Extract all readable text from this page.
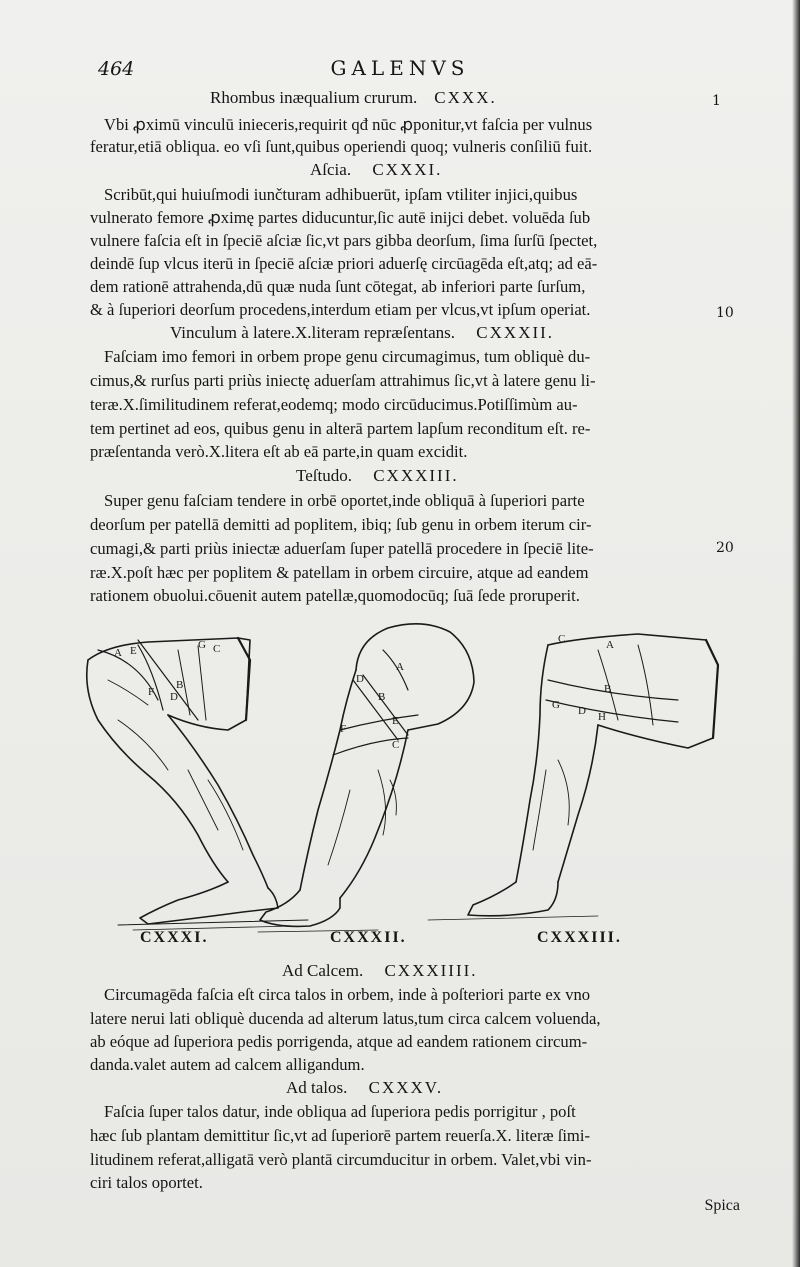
464	GALENVS
1
10
20
Rhombus inæqualium crurum. CXXX.
Vbi ꝓximū vinculū inieceris,requirit qđ nūc ꝓponitur,vt faſcia per vulnus
feratur,etiā obliqua. eo vſi ſunt,quibus operiendi quoq; vulneris conſiliū fuit.
Aſcia. CXXXI.
Scribūt,qui huiuſmodi iunčturam adhibuerūt, ipſam vtiliter injici,quibus
vulnerato femore ꝓximę partes diducuntur,ſic autē inijci debet. voluēda ſub
vulnere faſcia eſt in ſpeciē aſciæ ſic,vt pars gibba deorſum, ſima ſurſū ſpectet,
deindē ſup vlcus iterū in ſpeciē aſciæ priori aduerſę circūagēda eſt,atq; ad eā-
dem rationē attrahenda,dū quæ nuda ſunt cōtegat, ab inferiori parte ſurſum,
& à ſuperiori deorſum procedens,interdum etiam per vlcus,vt ipſum operiat.
Vinculum à latere.X.literam repræſentans. CXXXII.
Faſciam imo femori in orbem prope genu circumagimus, tum obliquè du-
cimus,& rurſus parti priùs iniectę aduerſam attrahimus ſic,vt à latere genu li-
teræ.X.ſimilitudinem referat,eodemq; modo circūducimus.Potiſſimùm au-
tem pertinet ad eos, quibus genu in alterā partem lapſum reconditum eſt. re-
præſentanda verò.X.litera eſt ab eā parte,in quam excidit.
Teſtudo. CXXXIII.
Super genu faſciam tendere in orbē oportet,inde obliquā à ſuperiori parte
deorſum per patellā demitti ad poplitem, ibiq; ſub genu in orbem iterum cir-
cumagi,& parti priùs iniectæ aduerſam ſuper patellā procedere in ſpeciē lite-
ræ.X.poſt hæc per poplitem & patellam in orbem circuire, atque ad eandem
rationem obuolui.cōuenit autem patellæ,quomodocūq; ſuā ſede proruperit.
A E	G C
F
B
D
A
D
B
F
E
C
C	A
B
G D H
CXXXI.	CXXXII.	CXXXIII.
Ad Calcem. CXXXIIII.
Circumagēda faſcia eſt circa talos in orbem, inde à poſteriori parte ex vno
latere nerui lati obliquè ducenda ad alterum latus,tum circa calcem voluenda,
ab eóque ad ſuperiora pedis porrigenda, atque ad eandem rationem circum-
danda.valet autem ad calcem alligandum.
Ad talos. CXXXV.
Faſcia ſuper talos datur, inde obliqua ad ſuperiora pedis porrigitur , poſt
hæc ſub plantam demittitur ſic,vt ad ſuperiorē partem reuerſa.X. literæ ſimi-
litudinem referat,alligatā verò plantā circumducitur in orbem. Valet,vbi vin-
ciri talos oportet.
Spica
